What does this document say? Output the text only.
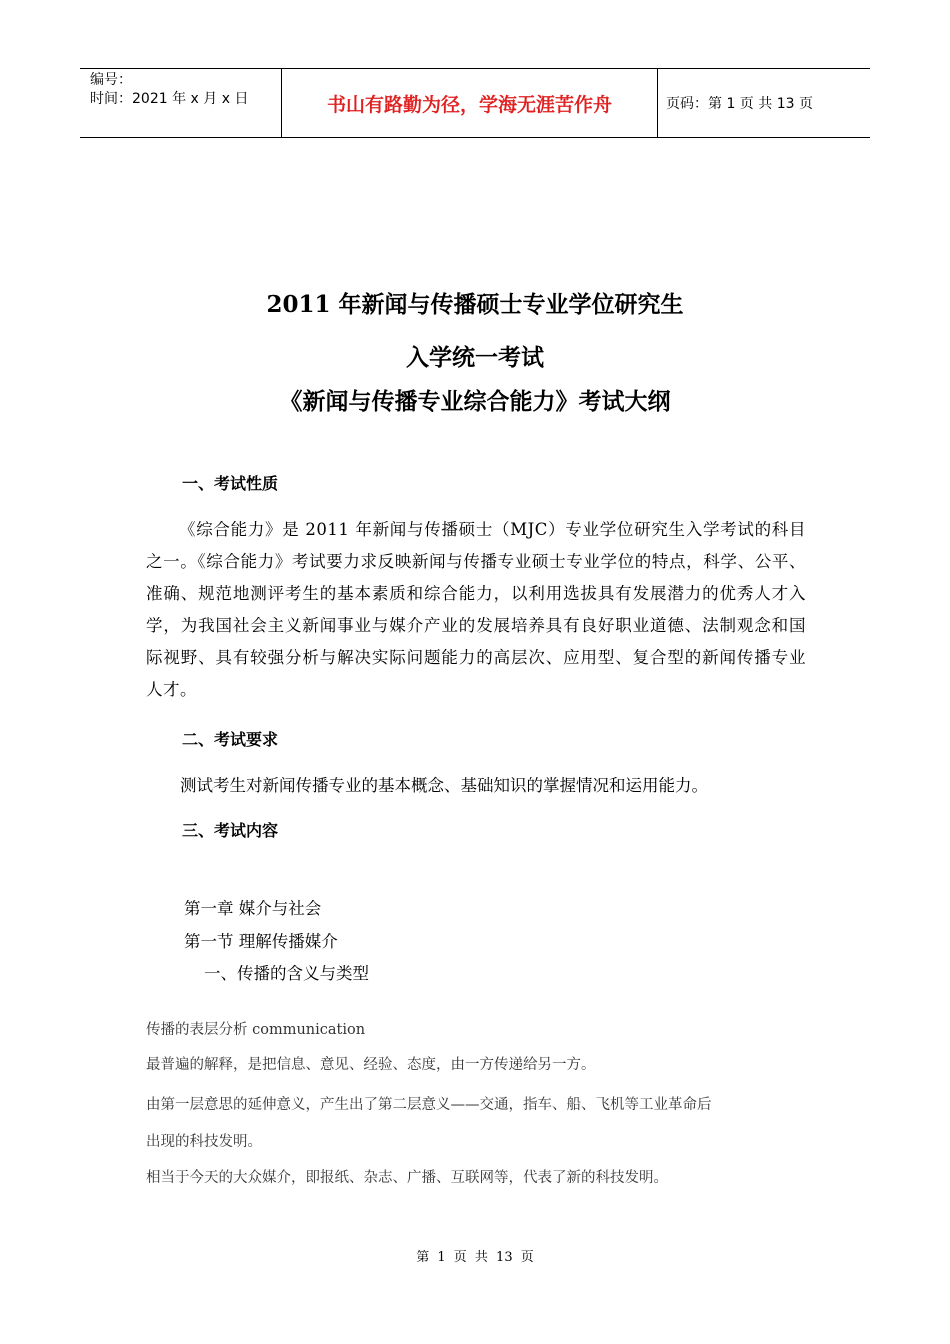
编号：
时间：2021 年 x 月 x 日	书山有路勤为径，学海无涯苦作舟	页码：第 1 页 共 13 页
2011 年新闻与传播硕士专业学位研究生
入学统一考试
《新闻与传播专业综合能力》考试大纲
一、考试性质
《综合能力》是 2011 年新闻与传播硕士（MJC）专业学位研究生入学考试的科目之一。《综合能力》考试要力求反映新闻与传播专业硕士专业学位的特点，科学、公平、准确、规范地测评考生的基本素质和综合能力，以利用选拔具有发展潜力的优秀人才入学，为我国社会主义新闻事业与媒介产业的发展培养具有良好职业道德、法制观念和国际视野、具有较强分析与解决实际问题能力的高层次、应用型、复合型的新闻传播专业人才。
二、考试要求
测试考生对新闻传播专业的基本概念、基础知识的掌握情况和运用能力。
三、考试内容
第一章 媒介与社会
第一节 理解传播媒介
一、传播的含义与类型
传播的表层分析 communication
最普遍的解释，是把信息、意见、经验、态度，由一方传递给另一方。
由第一层意思的延伸意义，产生出了第二层意义——交通，指车、船、飞机等工业革命后
出现的科技发明。
相当于今天的大众媒介，即报纸、杂志、广播、互联网等，代表了新的科技发明。
第 1 页 共 13 页
